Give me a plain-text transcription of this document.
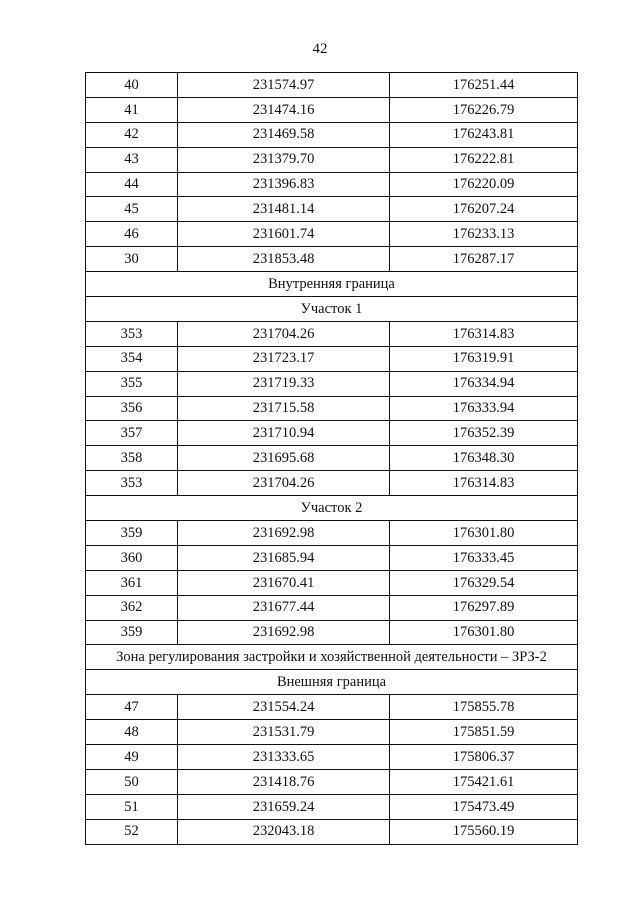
42
40	231574.97	176251.44
41	231474.16	176226.79
42	231469.58	176243.81
43	231379.70	176222.81
44	231396.83	176220.09
45	231481.14	176207.24
46	231601.74	176233.13
30	231853.48	176287.17
Внутренняя граница		
Участок 1		
353	231704.26	176314.83
354	231723.17	176319.91
355	231719.33	176334.94
356	231715.58	176333.94
357	231710.94	176352.39
358	231695.68	176348.30
353	231704.26	176314.83
Участок 2		
359	231692.98	176301.80
360	231685.94	176333.45
361	231670.41	176329.54
362	231677.44	176297.89
359	231692.98	176301.80
Зона регулирования застройки и хозяйственной деятельности – ЗРЗ-2		
Внешняя граница		
47	231554.24	175855.78
48	231531.79	175851.59
49	231333.65	175806.37
50	231418.76	175421.61
51	231659.24	175473.49
52	232043.18	175560.19
